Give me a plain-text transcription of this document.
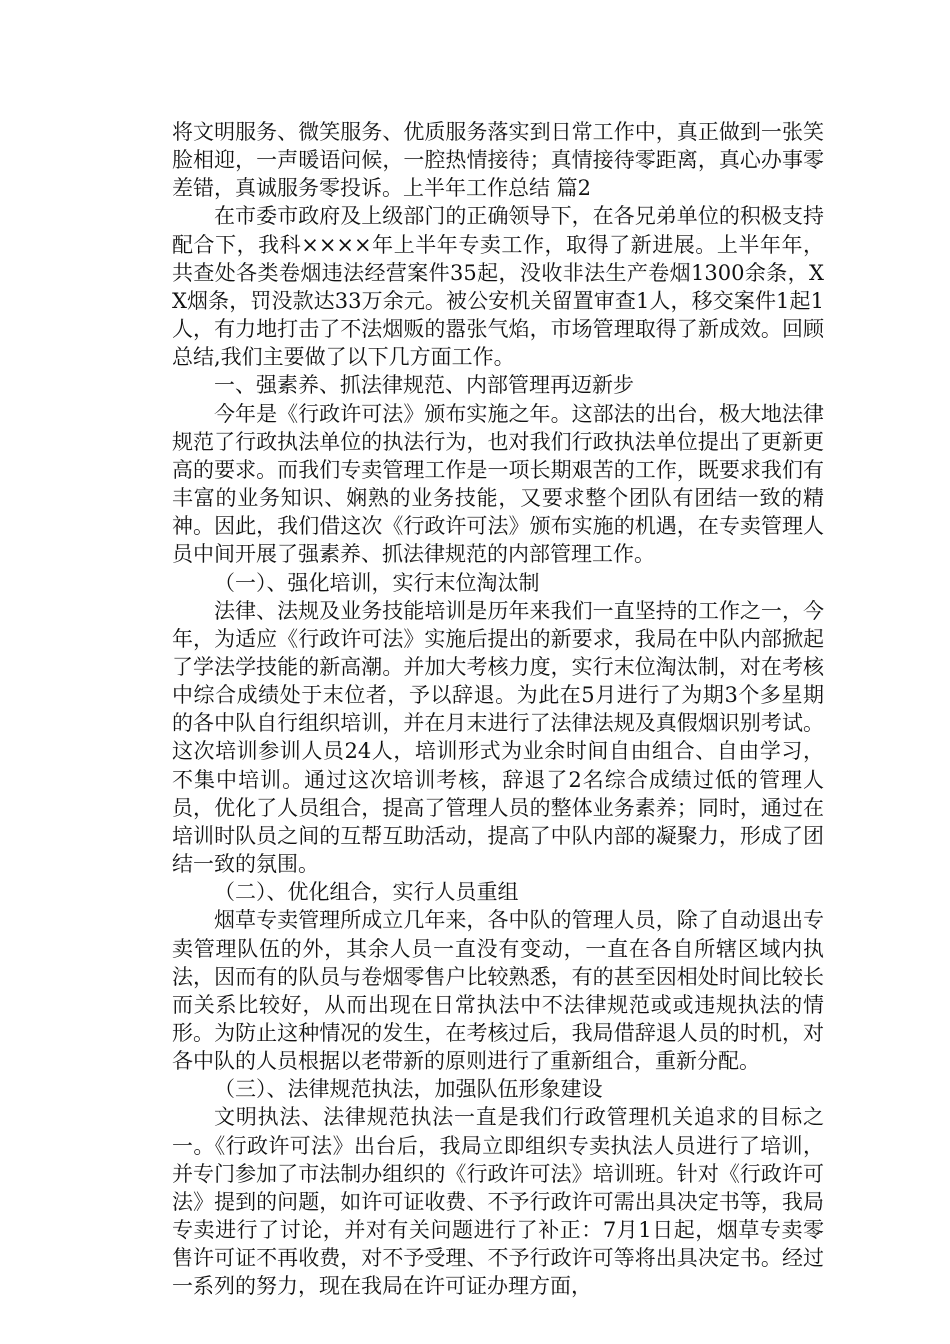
将文明服务、微笑服务、优质服务落实到日常工作中，真正做到一张笑脸相迎，一声暖语问候，一腔热情接待；真情接待零距离，真心办事零差错，真诚服务零投诉。上半年工作总结 篇2

在市委市政府及上级部门的正确领导下，在各兄弟单位的积极支持配合下，我科××××年上半年专卖工作，取得了新进展。上半年年，共查处各类卷烟违法经营案件35起，没收非法生产卷烟1300余条，XX烟条，罚没款达33万余元。被公安机关留置审查1人，移交案件1起1人，有力地打击了不法烟贩的嚣张气焰，市场管理取得了新成效。回顾总结,我们主要做了以下几方面工作。

一、强素养、抓法律规范、内部管理再迈新步

今年是《行政许可法》颁布实施之年。这部法的出台，极大地法律规范了行政执法单位的执法行为，也对我们行政执法单位提出了更新更高的要求。而我们专卖管理工作是一项长期艰苦的工作，既要求我们有丰富的业务知识、娴熟的业务技能，又要求整个团队有团结一致的精神。因此，我们借这次《行政许可法》颁布实施的机遇，在专卖管理人员中间开展了强素养、抓法律规范的内部管理工作。

（一）、强化培训，实行末位淘汰制

法律、法规及业务技能培训是历年来我们一直坚持的工作之一，今年，为适应《行政许可法》实施后提出的新要求，我局在中队内部掀起了学法学技能的新高潮。并加大考核力度，实行末位淘汰制，对在考核中综合成绩处于末位者，予以辞退。为此在5月进行了为期3个多星期的各中队自行组织培训，并在月末进行了法律法规及真假烟识别考试。这次培训参训人员24人，培训形式为业余时间自由组合、自由学习，不集中培训。通过这次培训考核，辞退了2名综合成绩过低的管理人员，优化了人员组合，提高了管理人员的整体业务素养；同时，通过在培训时队员之间的互帮互助活动，提高了中队内部的凝聚力，形成了团结一致的氛围。

（二）、优化组合，实行人员重组

烟草专卖管理所成立几年来，各中队的管理人员，除了自动退出专卖管理队伍的外，其余人员一直没有变动，一直在各自所辖区域内执法，因而有的队员与卷烟零售户比较熟悉，有的甚至因相处时间比较长而关系比较好，从而出现在日常执法中不法律规范或或违规执法的情形。为防止这种情况的发生，在考核过后，我局借辞退人员的时机，对各中队的人员根据以老带新的原则进行了重新组合，重新分配。

（三）、法律规范执法，加强队伍形象建设

文明执法、法律规范执法一直是我们行政管理机关追求的目标之一。《行政许可法》出台后，我局立即组织专卖执法人员进行了培训，并专门参加了市法制办组织的《行政许可法》培训班。针对《行政许可法》提到的问题，如许可证收费、不予行政许可需出具决定书等，我局专卖进行了讨论，并对有关问题进行了补正：7月1日起，烟草专卖零售许可证不再收费，对不予受理、不予行政许可等将出具决定书。经过一系列的努力，现在我局在许可证办理方面，
